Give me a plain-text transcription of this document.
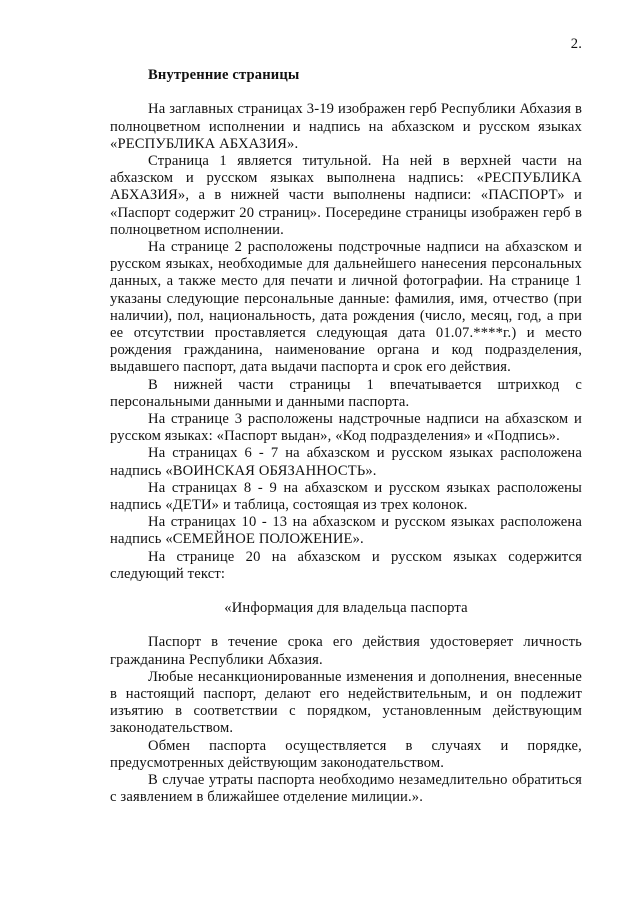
2.

Внутренние страницы

На заглавных страницах 3-19 изображен герб Республики Абхазия в полноцветном исполнении и надпись на абхазском и русском языках «РЕСПУБЛИКА АБХАЗИЯ».

Страница 1 является титульной. На ней в верхней части на абхазском и русском языках выполнена надпись: «РЕСПУБЛИКА АБХАЗИЯ», а в нижней части выполнены надписи: «ПАСПОРТ» и «Паспорт содержит 20 страниц». Посередине страницы изображен герб в полноцветном исполнении.

На странице 2 расположены подстрочные надписи на абхазском и русском языках, необходимые для дальнейшего нанесения персональных данных, а также место для печати и личной фотографии. На странице 1 указаны следующие персональные данные: фамилия, имя, отчество (при наличии), пол, национальность, дата рождения (число, месяц, год, а при ее отсутствии проставляется следующая дата 01.07.****г.) и место рождения гражданина, наименование органа и код подразделения, выдавшего паспорт, дата выдачи паспорта и срок его действия.

В нижней части страницы 1 впечатывается штрихкод с персональными данными и данными паспорта.

На странице 3 расположены надстрочные надписи на абхазском и русском языках: «Паспорт выдан», «Код подразделения» и «Подпись».

На страницах 6 - 7 на абхазском и русском языках расположена надпись «ВОИНСКАЯ ОБЯЗАННОСТЬ».

На страницах 8 - 9 на абхазском и русском языках расположены надпись «ДЕТИ» и таблица, состоящая из трех колонок.

На страницах 10 - 13 на абхазском и русском языках расположена надпись «СЕМЕЙНОЕ ПОЛОЖЕНИЕ».

На странице 20 на абхазском и русском языках содержится следующий текст:

«Информация для владельца паспорта

Паспорт в течение срока его действия удостоверяет личность гражданина Республики Абхазия.

Любые несанкционированные изменения и дополнения, внесенные в настоящий паспорт, делают его недействительным, и он подлежит изъятию в соответствии с порядком, установленным действующим законодательством.

Обмен паспорта осуществляется в случаях и порядке, предусмотренных действующим законодательством.

В случае утраты паспорта необходимо незамедлительно обратиться с заявлением в ближайшее отделение милиции.».
